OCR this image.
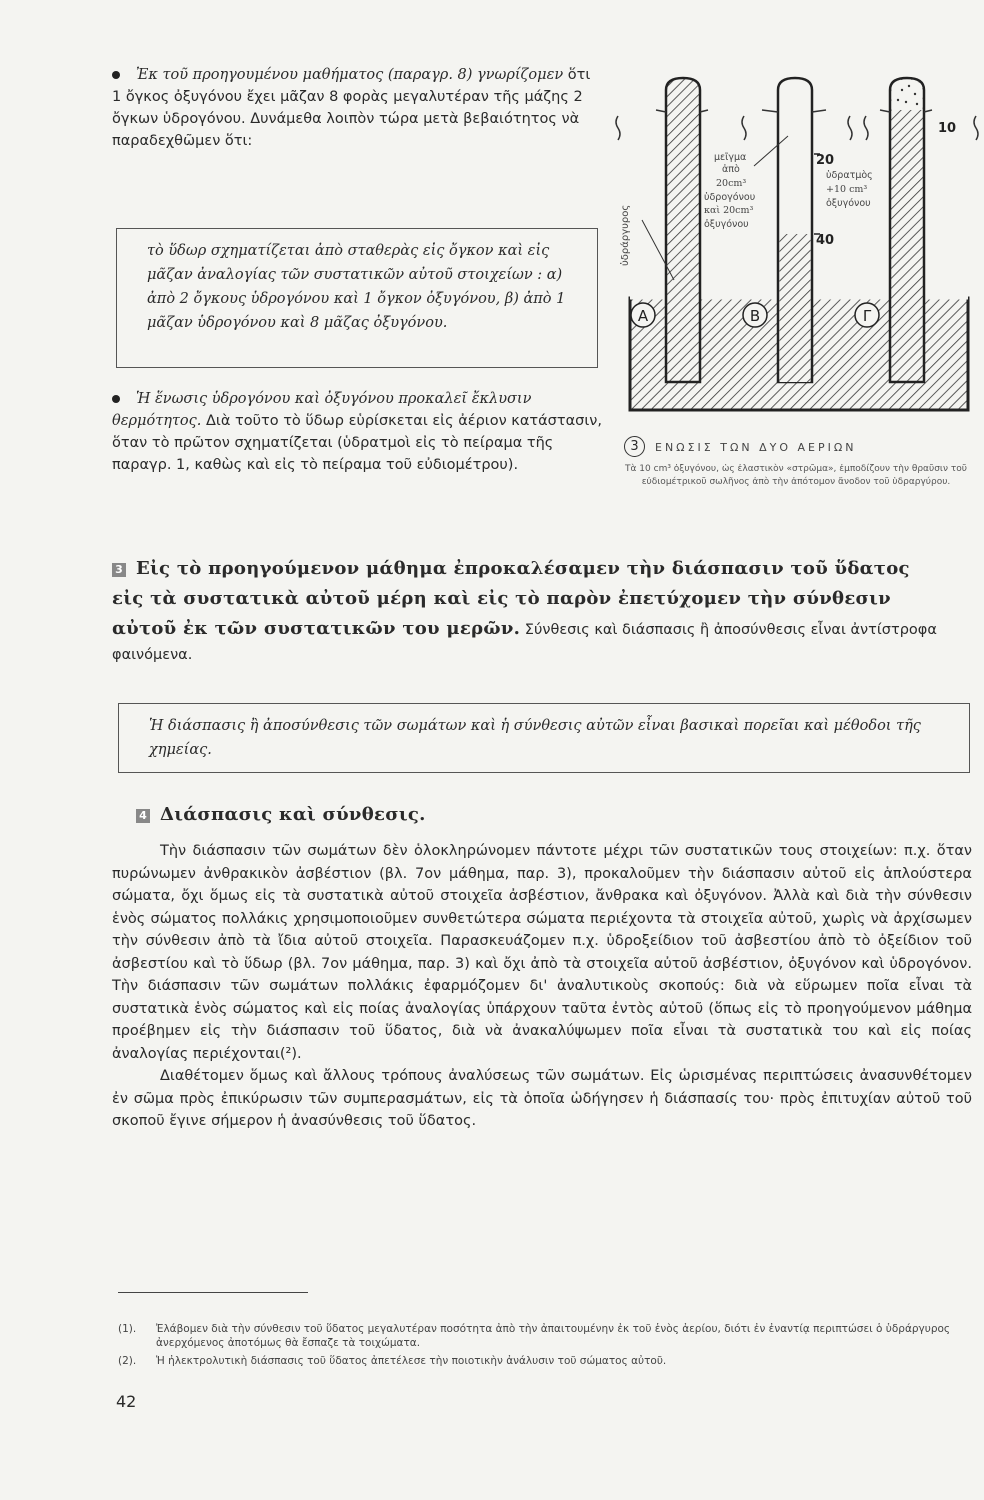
Ἐκ τοῦ προηγουμένου μαθήματος (παραγρ. 8) γνωρίζομεν ὅτι 1 ὄγκος ὀξυγόνου ἔχει μᾶζαν 8 φορὰς μεγαλυτέραν τῆς μάζης 2 ὄγκων ὑδρογόνου. Δυνάμεθα λοιπὸν τώρα μετὰ βεβαιότητος νὰ παραδεχθῶμεν ὅτι:
τὸ ὕδωρ σχηματίζεται ἀπὸ σταθερὰς εἰς ὄγκον καὶ εἰς μᾶζαν ἀναλογίας τῶν συστατικῶν αὐτοῦ στοιχείων : α) ἀπὸ 2 ὄγκους ὑδρογόνου καὶ 1 ὄγκον ὀξυγόνου, β) ἀπὸ 1 μᾶζαν ὑδρογόνου καὶ 8 μᾶζας ὀξυγόνου.
Ἡ ἕνωσις ὑδρογόνου καὶ ὀξυγόνου προκαλεῖ ἔκλυσιν θερμότητος. Διὰ τοῦτο τὸ ὕδωρ εὑρίσκεται εἰς ἀέριον κατάστασιν, ὅταν τὸ πρῶτον σχηματίζεται (ὑδρατμοὶ εἰς τὸ πείραμα τῆς παραγρ. 1, καθὼς καὶ εἰς τὸ πείραμα τοῦ εὐδιομέτρου).
ὑδράργυρος
μεῖγμα
ἀπὸ
20cm³
ὑδρογόνου
καὶ 20cm³
ὀξυγόνου
20
40
ὑδρατμὸς
+10 cm³
ὀξυγόνου
10
Α	Β	Γ
3 ΕΝΩΣΙΣ ΤΩΝ ΔΥΟ ΑΕΡΙΩΝ
Τὰ 10 cm³ ὀξυγόνου, ὡς ἐλαστικὸν «στρῶμα», ἐμποδίζουν τὴν θραῦσιν τοῦ εὐδιομέτρικοῦ σωλῆνος ἀπὸ τὴν ἀπότομον ἄνοδον τοῦ ὑδραργύρου.
3 Εἰς τὸ προηγούμενον μάθημα ἐπροκαλέσαμεν τὴν διάσπασιν τοῦ ὕδατος εἰς τὰ συστατικὰ αὐτοῦ μέρη καὶ εἰς τὸ παρὸν ἐπετύχομεν τὴν σύνθεσιν αὐτοῦ ἐκ τῶν συστατικῶν του μερῶν. Σύνθεσις καὶ διάσπασις ἢ ἀποσύνθεσις εἶναι ἀντίστροφα φαινόμενα.
Ἡ διάσπασις ἢ ἀποσύνθεσις τῶν σωμάτων καὶ ἡ σύνθεσις αὐτῶν εἶναι βασικαὶ πορεῖαι καὶ μέθοδοι τῆς χημείας.
4 Διάσπασις καὶ σύνθεσις.

Τὴν διάσπασιν τῶν σωμάτων δὲν ὁλοκληρώνομεν πάντοτε μέχρι τῶν συστατικῶν τους στοιχείων: π.χ. ὅταν πυρώνωμεν ἀνθρακικὸν ἀσβέστιον (βλ. 7ον μάθημα, παρ. 3), προκαλοῦμεν τὴν διάσπασιν αὐτοῦ εἰς ἁπλούστερα σώματα, ὄχι ὅμως εἰς τὰ συστατικὰ αὐτοῦ στοιχεῖα ἀσβέστιον, ἄνθρακα καὶ ὀξυγόνον. Ἀλλὰ καὶ διὰ τὴν σύνθεσιν ἑνὸς σώματος πολλάκις χρησιμοποιοῦμεν συνθετώτερα σώματα περιέχοντα τὰ στοιχεῖα αὐτοῦ, χωρὶς νὰ ἀρχίσωμεν τὴν σύνθεσιν ἀπὸ τὰ ἴδια αὐτοῦ στοιχεῖα. Παρασκευάζομεν π.χ. ὑδροξείδιον τοῦ ἀσβεστίου ἀπὸ τὸ ὀξείδιον τοῦ ἀσβεστίου καὶ τὸ ὕδωρ (βλ. 7ον μάθημα, παρ. 3) καὶ ὄχι ἀπὸ τὰ στοιχεῖα αὐτοῦ ἀσβέστιον, ὀξυγόνον καὶ ὑδρογόνον. Τὴν διάσπασιν τῶν σωμάτων πολλάκις ἐφαρμόζομεν δι' ἀναλυτικοὺς σκοπούς: διὰ νὰ εὕρωμεν ποῖα εἶναι τὰ συστατικὰ ἑνὸς σώματος καὶ εἰς ποίας ἀναλογίας ὑπάρχουν ταῦτα ἐντὸς αὐτοῦ (ὅπως εἰς τὸ προηγούμενον μάθημα προέβημεν εἰς τὴν διάσπασιν τοῦ ὕδατος, διὰ νὰ ἀνακαλύψωμεν ποῖα εἶναι τὰ συστατικὰ του καὶ εἰς ποίας ἀναλογίας περιέχονται(²).

Διαθέτομεν ὅμως καὶ ἄλλους τρόπους ἀναλύσεως τῶν σωμάτων. Εἰς ὡρισμένας περιπτώσεις ἀνασυνθέτομεν ἐν σῶμα πρὸς ἐπικύρωσιν τῶν συμπερασμάτων, εἰς τὰ ὁποῖα ὡδήγησεν ἡ διάσπασίς του· πρὸς ἐπιτυχίαν αὐτοῦ τοῦ σκοποῦ ἔγινε σήμερον ἡ ἀνασύνθεσις τοῦ ὕδατος.

(1).	Ἐλάβομεν διὰ τὴν σύνθεσιν τοῦ ὕδατος μεγαλυτέραν ποσότητα ἀπὸ τὴν ἀπαιτουμένην ἐκ τοῦ ἑνὸς ἀερίου, διότι ἐν ἐναντίᾳ περιπτώσει ὁ ὑδράργυρος ἀνερχόμενος ἀποτόμως θὰ ἔσπαζε τὰ τοιχώματα.
(2).	Ἡ ἠλεκτρολυτικὴ διάσπασις τοῦ ὕδατος ἀπετέλεσε τὴν ποιοτικὴν ἀνάλυσιν τοῦ σώματος αὐτοῦ.
42
